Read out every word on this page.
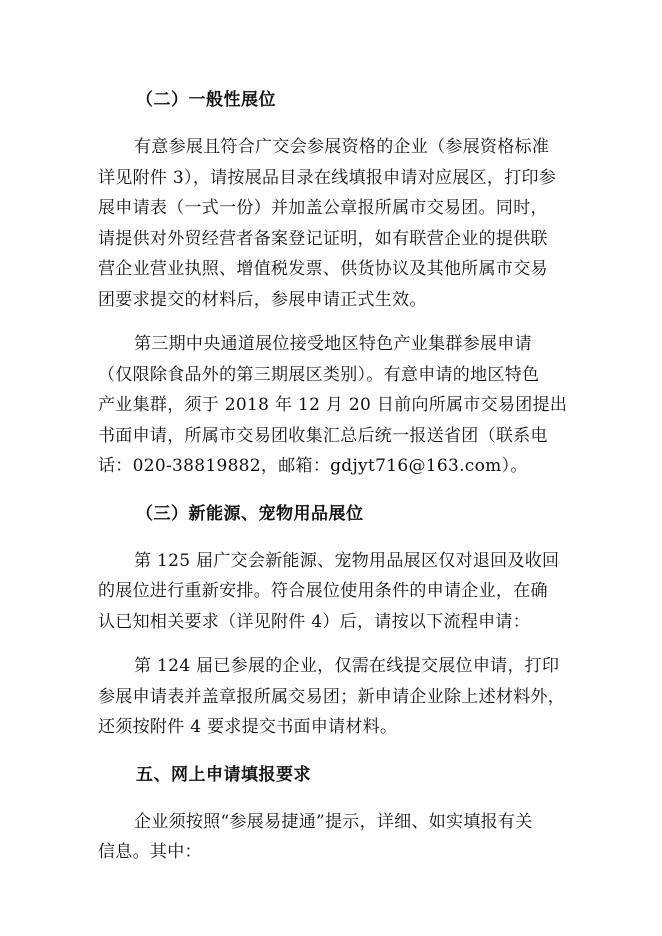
（二）一般性展位
有意参展且符合广交会参展资格的企业（参展资格标准
详见附件 3），请按展品目录在线填报申请对应展区，打印参
展申请表（一式一份）并加盖公章报所属市交易团。同时，
请提供对外贸经营者备案登记证明，如有联营企业的提供联
营企业营业执照、增值税发票、供货协议及其他所属市交易
团要求提交的材料后，参展申请正式生效。
第三期中央通道展位接受地区特色产业集群参展申请
（仅限除食品外的第三期展区类别）。有意申请的地区特色
产业集群，须于 2018 年 12 月 20 日前向所属市交易团提出
书面申请，所属市交易团收集汇总后统一报送省团（联系电
话：020-38819882，邮箱：gdjyt716@163.com）。
（三）新能源、宠物用品展位
第 125 届广交会新能源、宠物用品展区仅对退回及收回
的展位进行重新安排。符合展位使用条件的申请企业，在确
认已知相关要求（详见附件 4）后，请按以下流程申请：
第 124 届已参展的企业，仅需在线提交展位申请，打印
参展申请表并盖章报所属交易团；新申请企业除上述材料外，
还须按附件 4 要求提交书面申请材料。
五、网上申请填报要求
企业须按照“参展易捷通”提示，详细、如实填报有关
信息。其中：
